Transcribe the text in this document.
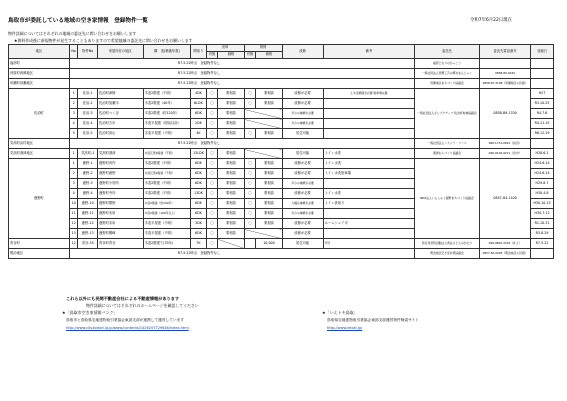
鳥取市が委託している地域の空き家情報　登録物件一覧	令和7年6月22日現在
物件詳細についてはそれぞれの地域の委託先に問い合わせをお願いします
★資料作成後に新規物件が発生することもありますので希望地域の委託先に問い合わせをお願いします
地区	No	物件No	家屋所在の地区	構　造(築後年数)	間取り	売却		賃貸		改修	備考	委託先	委託先電話番号	登録日
						有無	価格	有無	価格					
福部町	R7.5.22時点　登録物件なし											福部となりのがっこう		
河原町西郷地区	R7.5.22時点　登録物件なし											一般社団法人西郷工芸の郷あまんじゃく	0858-85-0445	
用瀬町用瀬地区	R7.5.22時点　登録物件なし											用瀬地区まちづくり協議会	0858-87-3108（用瀬地区公民館）	
佐治町	1	佐治-1	佐治町津無	木造2階建（不明）	4DK	〇	要相談	〇	要相談	改修が必要	土木造修繕が必要 駐車場完備	一般社団法人さじアクティブ 佐治町地域協議会	0858-89-1700	H27
	2	佐治-2	佐治町加瀬木	木造2階建（40年）	6LDK	〇	要相談	〇	要相談	改修が必要				R3.10.25
	3	佐治-3	佐治町つく谷	木造2階建（約120年）	6DK	〇	要相談			多少の補修が必要				R4.7.6
	4	佐治-4	佐治町古市	木造平屋建（明治以前）	2DK	〇	要相談			多少の補修が必要				R4.11.15
	5	佐治-5	佐治町高山	木造平屋建（不明）	4K	〇	要相談	〇	要相談	居住可能				R6.12.19
気高町浜村地区	R7.5.22時点　登録物件なし											一般社団法人ハナムラ・リノベ	080-1731-0821（浜田）	
気高町酒津地区	1	気高町-1	気高町酒津	木造瓦葺2階建（不明）	13LDK	〇	要相談			居住可能	トイレ水洗	酒津むらづくり協議会	090-9126-9211（田中）	H28.6.1
鹿野町	1	鹿野-1	鹿野町河内	木造2階建（不明）	6DK	〇	要相談	〇	要相談	改修が必要	トイレ水洗	NPO法人いんしゅう鹿野まちづくり協議会	0857-84-1100	H24.6.14
	2	鹿野-2	鹿野町鹿野	木造瓦葺2階建（不明）	6DK	〇	要相談	〇	要相談	改修が必要	トイレ水洗駐車場			H24.6.14
	3	鹿野-3	鹿野町小別所	木造2階建（不明）	6DK	〇	要相談	〇	要相談	多少の補修が必要				H29.8.7
	4	鹿野-4	鹿野町寺内	木造2階建（不明）	13DK	〇	要相談	〇	要相談	改修が必要	トイレ水洗			H30.4.8
	10	鹿野-10	鹿野町閉野	木造2階建（約100年）	6DK	〇	要相談	〇	要相談	大幅な補修が必要	トイレ汲取り			H30.10.15
	11	鹿野-11	鹿野町末用	木造2階建（100年以上）	6DK	〇	要相談	〇	要相談	多少の補修が必要				H30.7.12
	12	鹿野-12	鹿野町末用	木造平屋建（不明）	3DK	〇	要相談	〇	要相談	改修が必要	ルームシェア可			R1.10.31
	13	鹿野-13	鹿野町鷲峰	木造平屋建（不明）	6DK	〇	要相談			改修が必要				R3.8.29
青谷町	12	青谷-35	青谷町青谷	木造2階建て(33年)	7K	〇			10,000	居住可能	3分	特定非営利活動法人青谷ひとものがたり	090-9802-3344（井上）	R7.5.22
明治地区	R7.5.22時点　登録物件なし											明治地区空き家対策協議会	0857-50-0005（明治地区公民館）	
これら以外にも民間不動産会社による不動産情報があります
物件詳細についてはそれぞれのホームページを確認してください
★「鳥取市空き家情報バンク」
鳥取市と鳥取県宅地建物取引業協会東部支部が連携して運営しています
http://www.city.tottori.lg.jp/www/contents/1426207729646/index.html
★「いえトキ鳥取」
鳥取県宅地建物取引業協会東部支部運営物件検索サイト
http://www.ietoki.jp/
